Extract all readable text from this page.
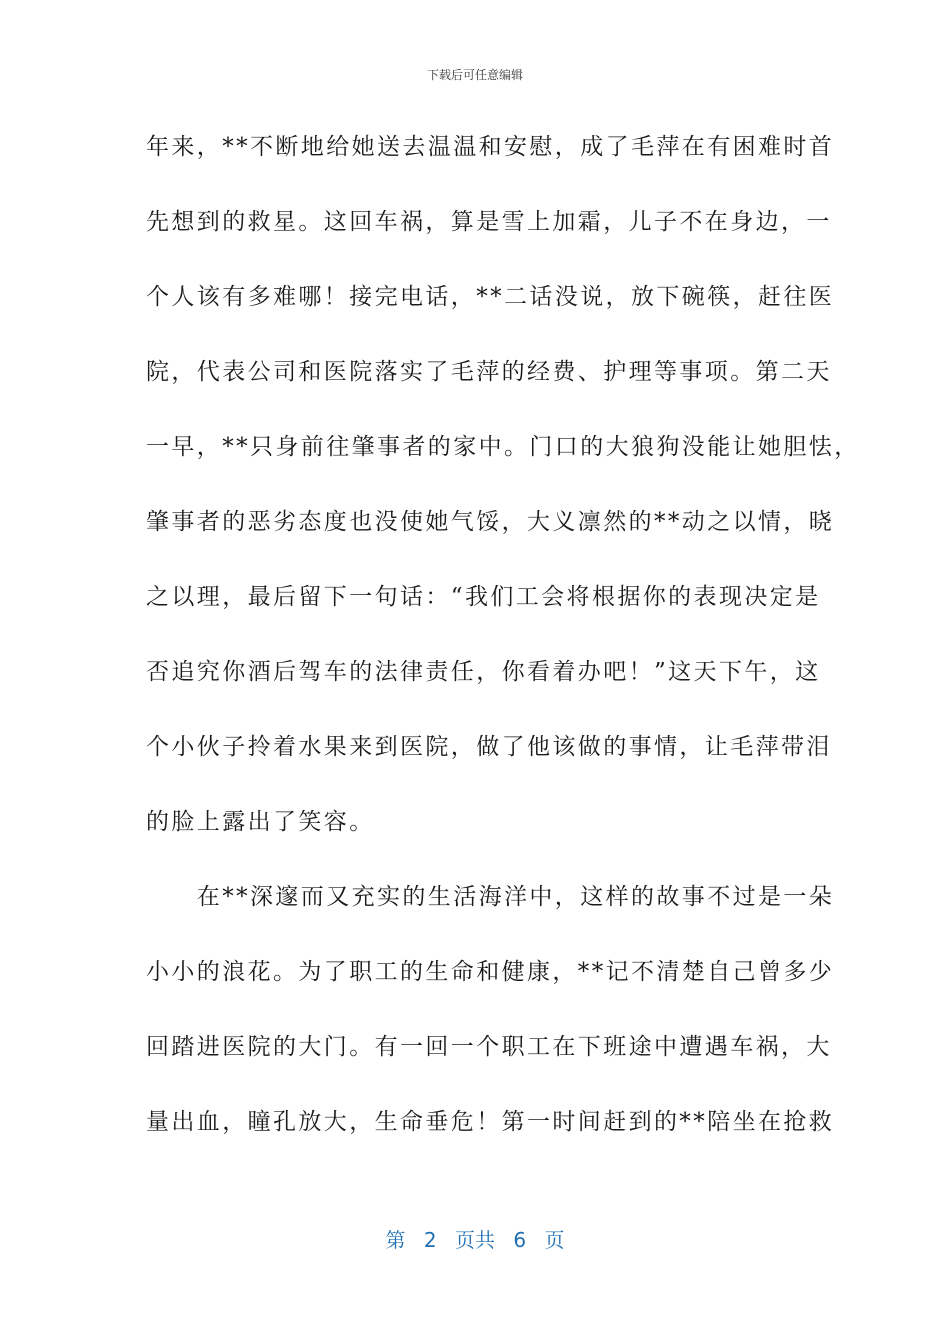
下载后可任意编辑
年来，**不断地给她送去温温和安慰，成了毛萍在有困难时首
先想到的救星。这回车祸，算是雪上加霜，儿子不在身边，一
个人该有多难哪！接完电话，**二话没说，放下碗筷，赶往医
院，代表公司和医院落实了毛萍的经费、护理等事项。第二天
一早，**只身前往肇事者的家中。门口的大狼狗没能让她胆怯，
肇事者的恶劣态度也没使她气馁，大义凛然的**动之以情，晓
之以理，最后留下一句话：“我们工会将根据你的表现决定是
否追究你酒后驾车的法律责任，你看着办吧！”这天下午，这
个小伙子拎着水果来到医院，做了他该做的事情，让毛萍带泪
的脸上露出了笑容。
　　在**深邃而又充实的生活海洋中，这样的故事不过是一朵
小小的浪花。为了职工的生命和健康，**记不清楚自己曾多少
回踏进医院的大门。有一回一个职工在下班途中遭遇车祸，大
量出血，瞳孔放大，生命垂危！第一时间赶到的**陪坐在抢救
第 2 页共 6 页
